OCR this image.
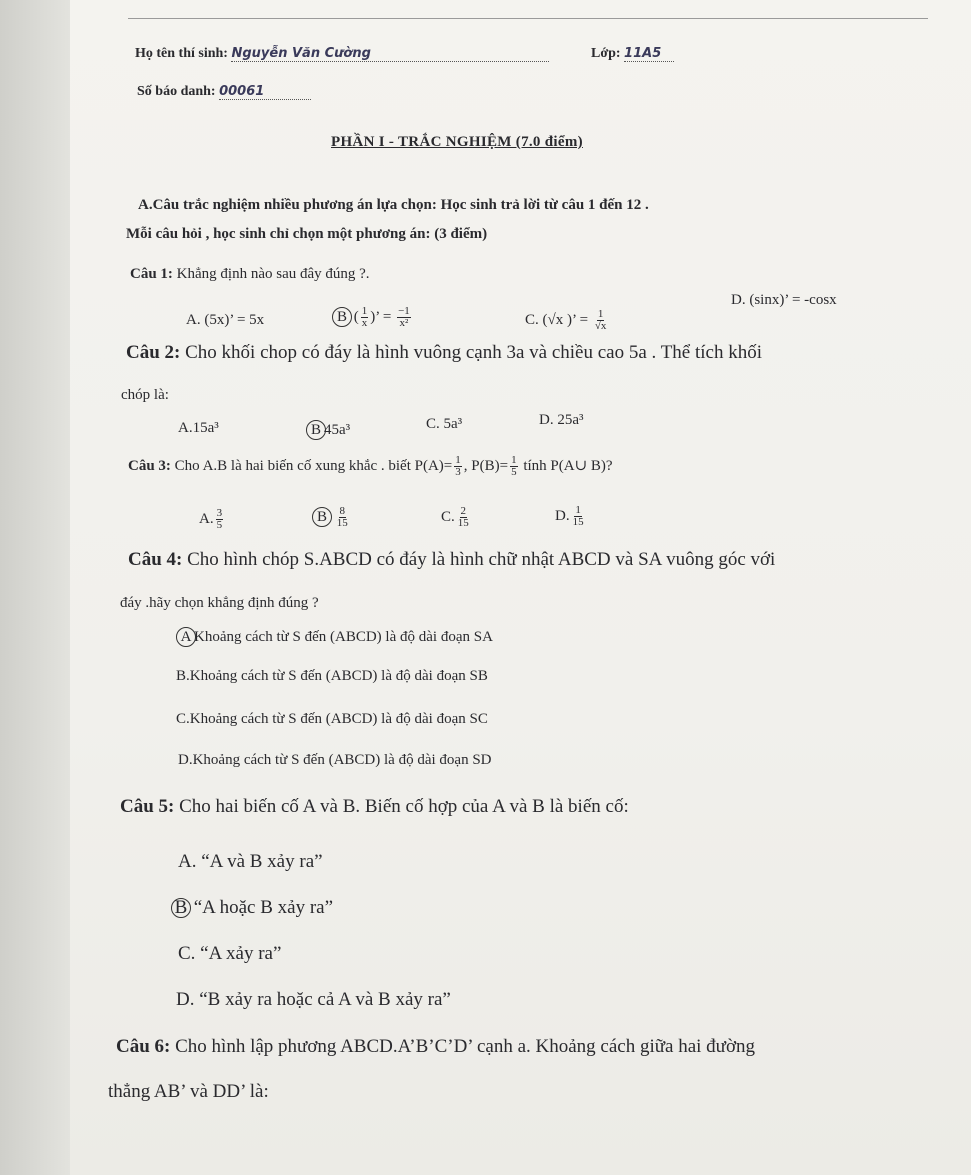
Họ tên thí sinh: Nguyễn Văn Cường	Lớp: 11A5
Số báo danh: 00061
PHẦN I - TRẮC NGHIỆM (7.0 điểm)
A.Câu trắc nghiệm nhiều phương án lựa chọn: Học sinh trả lời từ câu 1 đến 12 .
Mỗi câu hỏi , học sinh chỉ chọn một phương án: (3 điểm)
Câu 1: Khẳng định nào sau đây đúng ?.
A. (5x)’ = 5x	B ( $\frac{1}{x}$ )’ = $\frac{-1}{\text{x²}}$	C. (√x )’ = $\frac{1}{√x}$
D. (sinx)’ = -cosx
Câu 2: Cho khối chop có đáy là hình vuông cạnh 3a và chiều cao 5a . Thể tích khối
chóp là:
A.15a³	B 45a³	C. 5a³	D. 25a³
Câu 3: Cho A.B là hai biến cố xung khắc . biết $P(A)= \frac{1}{3}$ , $P(B)= \frac{1}{5}$ tính P(A∪ B)?
A. $\frac{3}{5}$	B $\frac{8}{15}$	C. $\frac{2}{15}$	D. $\frac{1}{15}$
Câu 4: Cho hình chóp S.ABCD có đáy là hình chữ nhật ABCD và SA vuông góc với
đáy .hãy chọn khẳng định đúng ?
A Khoảng cách từ S đến (ABCD) là độ dài đoạn SA
B.Khoảng cách từ S đến (ABCD) là độ dài đoạn SB
C.Khoảng cách từ S đến (ABCD) là độ dài đoạn SC
D.Khoảng cách từ S đến (ABCD) là độ dài đoạn SD
Câu 5: Cho hai biến cố A và B. Biến cố hợp của A và B là biến cố:
A. “A và B xảy ra”
B “A hoặc B xảy ra”
C. “A xảy ra”
D. “B xảy ra hoặc cả A và B xảy ra”
Câu 6: Cho hình lập phương ABCD.A’B’C’D’ cạnh a. Khoảng cách giữa hai đường
thẳng AB’ và DD’ là:
